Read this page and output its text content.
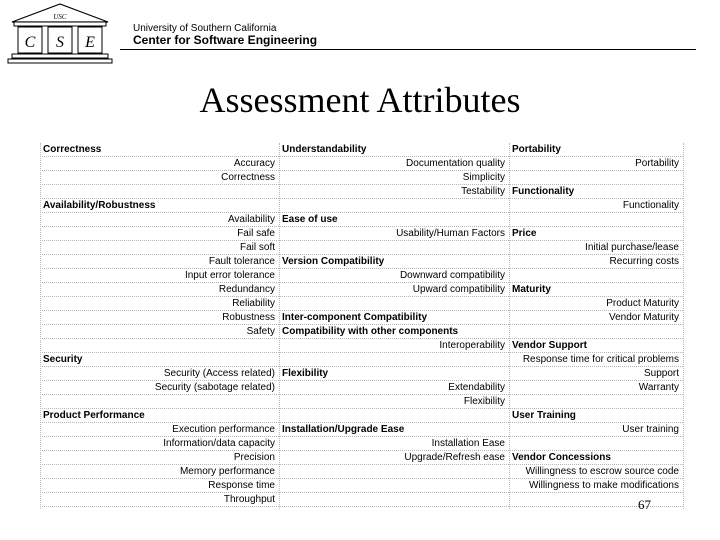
USC
C S E
University of Southern California
Center for Software Engineering
Assessment Attributes
Correctness
Accuracy
Correctness
Availability/Robustness
Availability
Fail safe
Fail soft
Fault tolerance
Input error tolerance
Redundancy
Reliability
Robustness
Safety
Security
Security (Access related)
Security (sabotage related)
Product Performance
Execution performance
Information/data capacity
Precision
Memory performance
Response time
Throughput
Understandability
Documentation quality
Simplicity
Testability
Ease of use
Usability/Human Factors
Version Compatibility
Downward compatibility
Upward compatibility
Inter-component Compatibility
Compatibility with other components
Interoperability
Flexibility
Extendability
Flexibility
Installation/Upgrade Ease
Installation Ease
Upgrade/Refresh ease
Portability
Portability
Functionality
Functionality
Price
Initial purchase/lease
Recurring costs
Maturity
Product Maturity
Vendor Maturity
Vendor Support
Response time for critical problems
Support
Warranty
User Training
User training
Vendor Concessions
Willingness to escrow source code
Willingness to make modifications
67
